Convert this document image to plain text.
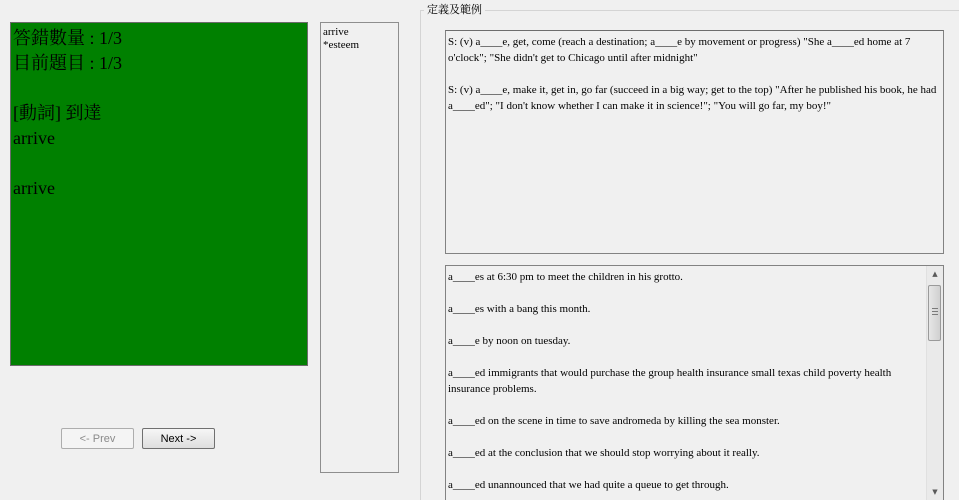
答錯數量 : 1/3
目前題目 : 1/3
[動詞] 到達
arrive
arrive
<- Prev	Next ->
arrive
*esteem
定義及範例

S: (v) a____e, get, come (reach a destination; a____e by movement or progress) "She a____ed home at 7 o'clock"; "She didn't get to Chicago until after midnight"

S: (v) a____e, make it, get in, go far (succeed in a big way; get to the top) "After he published his book, he had a____ed"; "I don't know whether I can make it in science!"; "You will go far, my boy!"

a____es at 6:30 pm to meet the children in his grotto.

a____es with a bang this month.

a____e by noon on tuesday.

a____ed immigrants that would purchase the group health insurance small texas child poverty health insurance problems.

a____ed on the scene in time to save andromeda by killing the sea monster.

a____ed at the conclusion that we should stop worrying about it really.

a____ed unannounced that we had quite a queue to get through.

▲
▼
